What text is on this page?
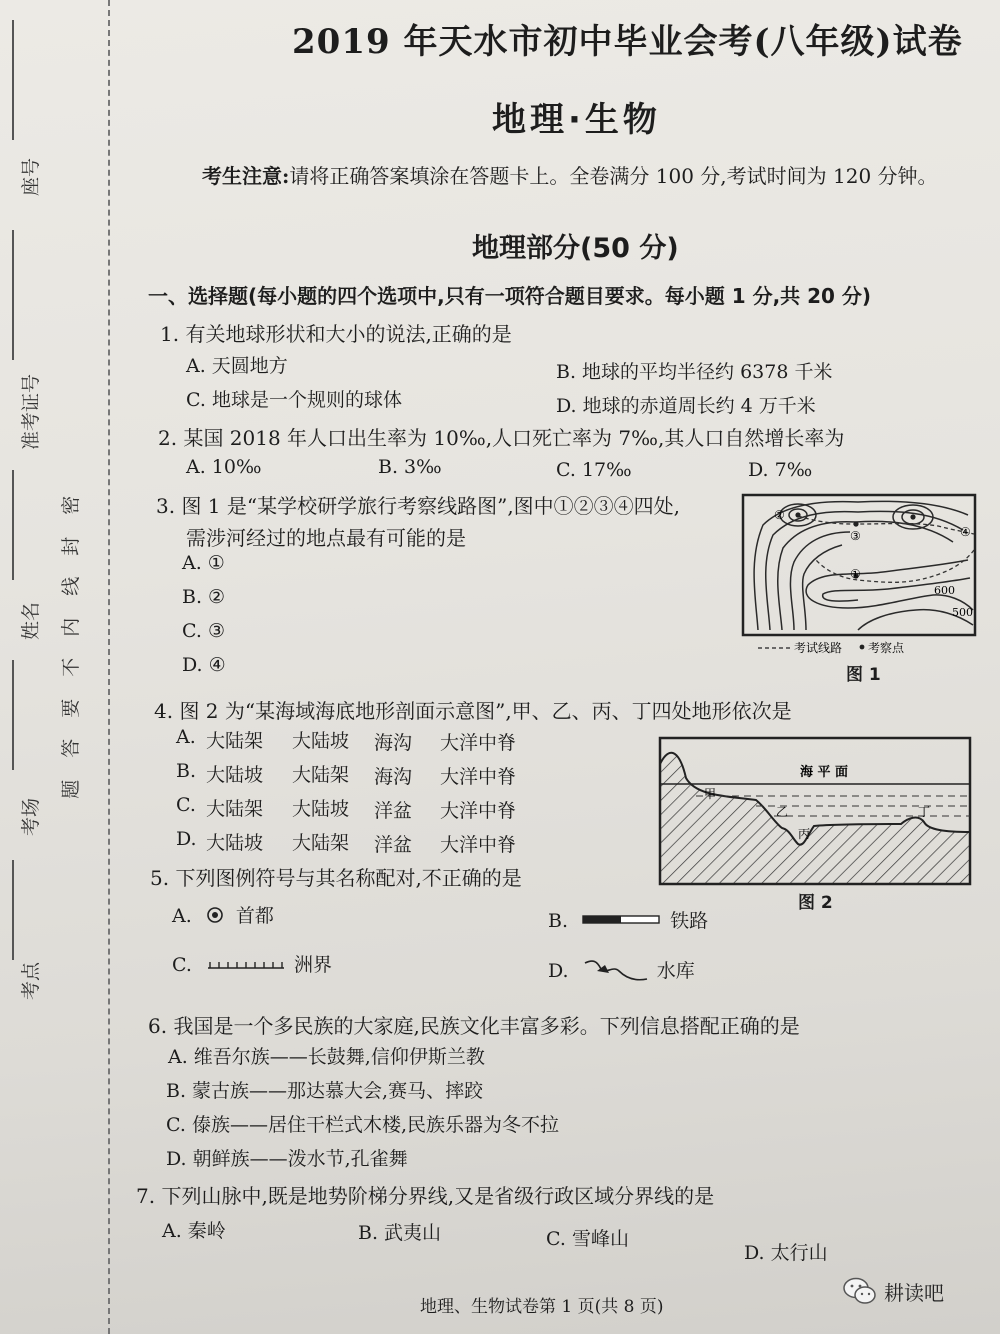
座号
准考证号
姓名
考场
考点
密
封
线
内
不
要
答
题
2019 年天水市初中毕业会考(八年级)试卷
地理·生物
考生注意:请将正确答案填涂在答题卡上。全卷满分 100 分,考试时间为 120 分钟。
地理部分(50 分)
一、选择题(每小题的四个选项中,只有一项符合题目要求。每小题 1 分,共 20 分)
1. 有关地球形状和大小的说法,正确的是
A. 天圆地方	B. 地球的平均半径约 6378 千米
C. 地球是一个规则的球体	D. 地球的赤道周长约 4 万千米
2. 某国 2018 年人口出生率为 10‰,人口死亡率为 7‰,其人口自然增长率为
A. 10‰	B. 3‰	C. 17‰	D. 7‰
3. 图 1 是“某学校研学旅行考察线路图”,图中①②③④四处,
需涉河经过的地点最有可能的是
A. ①
B. ②
C. ③
D. ④
③
①
④
②
600
500
考试线路 考察点
图 1
4. 图 2 为“某海域海底地形剖面示意图”,甲、乙、丙、丁四处地形依次是
A. 大陆架 大陆坡 海沟 大洋中脊
B. 大陆坡 大陆架 海沟 大洋中脊
C. 大陆架 大陆坡 洋盆 大洋中脊
D. 大陆坡 大陆架 洋盆 大洋中脊
海 平 面
甲
乙
丙
丁
图 2
5. 下列图例符号与其名称配对,不正确的是
A. 首都	B.	铁路
C.	洲界	D.	水库
6. 我国是一个多民族的大家庭,民族文化丰富多彩。下列信息搭配正确的是
A. 维吾尔族——长鼓舞,信仰伊斯兰教
B. 蒙古族——那达慕大会,赛马、摔跤
C. 傣族——居住干栏式木楼,民族乐器为冬不拉
D. 朝鲜族——泼水节,孔雀舞
7. 下列山脉中,既是地势阶梯分界线,又是省级行政区域分界线的是
A. 秦岭	B. 武夷山	C. 雪峰山
D. 太行山
地理、生物试卷第 1 页(共 8 页)
耕读吧
